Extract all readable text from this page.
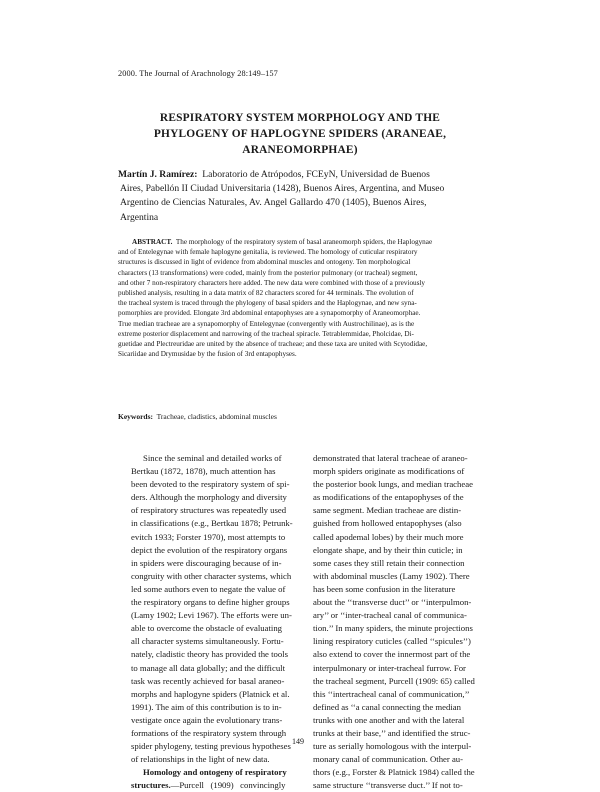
2000. The Journal of Arachnology 28:149–157
RESPIRATORY SYSTEM MORPHOLOGY AND THE
PHYLOGENY OF HAPLOGYNE SPIDERS (ARANEAE,
ARANEOMORPHAE)
Martín J. Ramírez:  Laboratorio de Atrópodos, FCEyN, Universidad de Buenos
Aires, Pabellón II Ciudad Universitaria (1428), Buenos Aires, Argentina, and Museo
Argentino de Ciencias Naturales, Av. Angel Gallardo 470 (1405), Buenos Aires,
Argentina
ABSTRACT.  The morphology of the respiratory system of basal araneomorph spiders, the Haplogynae
and of Entelegynae with female haplogyne genitalia, is reviewed. The homology of cuticular respiratory
structures is discussed in light of evidence from abdominal muscles and ontogeny. Ten morphological
characters (13 transformations) were coded, mainly from the posterior pulmonary (or tracheal) segment,
and other 7 non-respiratory characters here added. The new data were combined with those of a previously
published analysis, resulting in a data matrix of 82 characters scored for 44 terminals. The evolution of
the tracheal system is traced through the phylogeny of basal spiders and the Haplogynae, and new syna-
pomorphies are provided. Elongate 3rd abdominal entapophyses are a synapomorphy of Araneomorphae.
True median tracheae are a synapomorphy of Entelegynae (convergently with Austrochilinae), as is the
extreme posterior displacement and narrowing of the tracheal spiracle. Tetrablemmidae, Pholcidae, Di-
guetidae and Plectreuridae are united by the absence of tracheae; and these taxa are united with Scytodidae,
Sicariidae and Drymusidae by the fusion of 3rd entapophyses.
Keywords:  Tracheae, cladistics, abdominal muscles
Since the seminal and detailed works of
Bertkau (1872, 1878), much attention has
been devoted to the respiratory system of spi-
ders. Although the morphology and diversity
of respiratory structures was repeatedly used
in classifications (e.g., Bertkau 1878; Petrunk-
evitch 1933; Forster 1970), most attempts to
depict the evolution of the respiratory organs
in spiders were discouraging because of in-
congruity with other character systems, which
led some authors even to negate the value of
the respiratory organs to define higher groups
(Lamy 1902; Levi 1967). The efforts were un-
able to overcome the obstacle of evaluating
all character systems simultaneously. Fortu-
nately, cladistic theory has provided the tools
to manage all data globally; and the difficult
task was recently achieved for basal araneo-
morphs and haplogyne spiders (Platnick et al.
1991). The aim of this contribution is to in-
vestigate once again the evolutionary trans-
formations of the respiratory system through
spider phylogeny, testing previous hypotheses
of relationships in the light of new data.
Homology and ontogeny of respiratory
structures.—Purcell   (1909)   convincingly
demonstrated that lateral tracheae of araneo-
morph spiders originate as modifications of
the posterior book lungs, and median tracheae
as modifications of the entapophyses of the
same segment. Median tracheae are distin-
guished from hollowed entapophyses (also
called apodemal lobes) by their much more
elongate shape, and by their thin cuticle; in
some cases they still retain their connection
with abdominal muscles (Lamy 1902). There
has been some confusion in the literature
about the ‘‘transverse duct’’ or ‘‘interpulmon-
ary’’ or ‘‘inter-tracheal canal of communica-
tion.’’ In many spiders, the minute projections
lining respiratory cuticles (called ‘‘spicules’’)
also extend to cover the innermost part of the
interpulmonary or inter-tracheal furrow. For
the tracheal segment, Purcell (1909: 65) called
this ‘‘intertracheal canal of communication,’’
defined as ‘‘a canal connecting the median
trunks with one another and with the lateral
trunks at their base,’’ and identified the struc-
ture as serially homologous with the interpul-
monary canal of communication. Other au-
thors (e.g., Forster & Platnick 1984) called the
same structure ‘‘transverse duct.’’ If not to-
149
